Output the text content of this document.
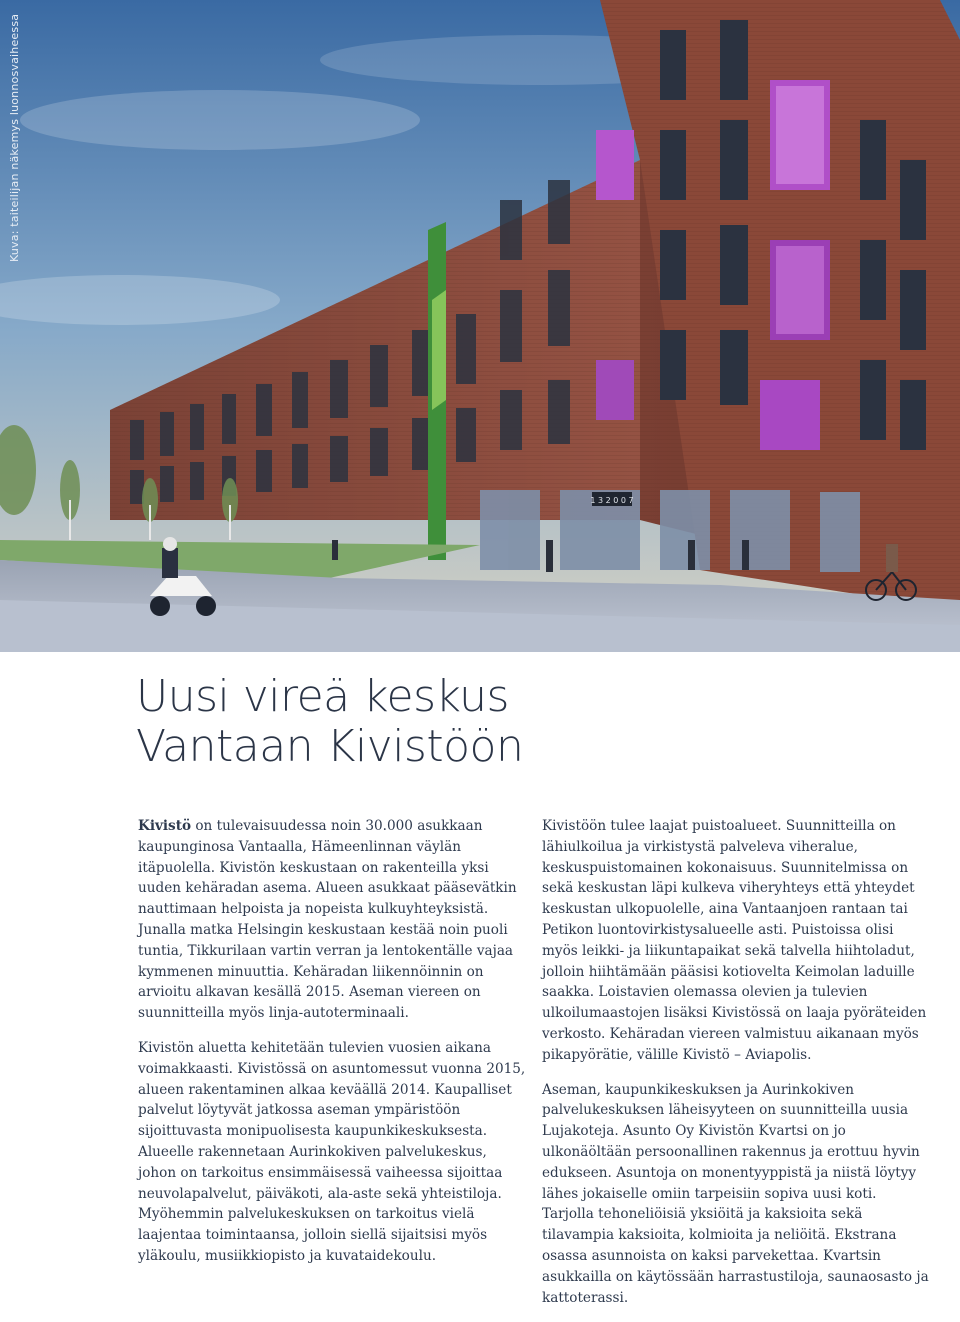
1 3 2 0 0 7
Kuva: taiteilijan näkemys luonnosvaiheessa
Uusi vireä keskus
Vantaan Kivistöön

Kivistö on tulevaisuudessa noin 30.000 asukkaan kaupunginosa Vantaalla, Hämeenlinnan väylän itäpuolella. Kivistön keskustaan on rakenteilla yksi uuden kehäradan asema. Alueen asukkaat pääsevätkin nauttimaan helpoista ja nopeista kulkuyhteyksistä. Junalla matka Helsingin keskustaan kestää noin puoli tuntia, Tikkurilaan vartin verran ja lentokentälle vajaa kymmenen minuuttia. Kehäradan liikennöinnin on arvioitu alkavan kesällä 2015. Aseman viereen on suunnitteilla myös linja-autoterminaali.

Kivistön aluetta kehitetään tulevien vuosien aikana voimakkaasti. Kivistössä on asuntomessut vuonna 2015, alueen rakentaminen alkaa keväällä 2014. Kaupalliset palvelut löytyvät jatkossa aseman ympäristöön sijoittuvasta monipuolisesta kaupunkikeskuksesta. Alueelle rakennetaan Aurinkokiven palvelukeskus, johon on tarkoitus ensimmäisessä vaiheessa sijoittaa neuvolapalvelut, päiväkoti, ala-aste sekä yhteistiloja. Myöhemmin palvelukeskuksen on tarkoitus vielä laajentaa toimintaansa, jolloin siellä sijaitsisi myös yläkoulu, musiikkiopisto ja kuvataidekoulu.

Kivistöön tulee laajat puistoalueet. Suunnitteilla on lähiulkoilua ja virkistystä palveleva viheralue, keskuspuistomainen kokonaisuus. Suunnitelmissa on sekä keskustan läpi kulkeva viheryhteys että yhteydet keskustan ulkopuolelle, aina Vantaanjoen rantaan tai Petikon luontovirkistysalueelle asti. Puistoissa olisi myös leikki- ja liikuntapaikat sekä talvella hiihtoladut, jolloin hiihtämään pääsisi kotiovelta Keimolan laduille saakka. Loistavien olemassa olevien ja tulevien ulkoilumaastojen lisäksi Kivistössä on laaja pyöräteiden verkosto. Kehäradan viereen valmistuu aikanaan myös pikapyörätie, välille Kivistö – Aviapolis.

Aseman, kaupunkikeskuksen ja Aurinkokiven palvelukeskuksen läheisyyteen on suunnitteilla uusia Lujakoteja. Asunto Oy Kivistön Kvartsi on jo ulkonäöltään persoonallinen rakennus ja erottuu hyvin edukseen. Asuntoja on monentyyppistä ja niistä löytyy lähes jokaiselle omiin tarpeisiin sopiva uusi koti. Tarjolla tehoneliöisiä yksiöitä ja kaksioita sekä tilavampia kaksioita, kolmioita ja neliöitä. Ekstrana osassa asunnoista on kaksi parvekettaa. Kvartsin asukkailla on käytössään harrastustiloja, saunaosasto ja kattoterassi.
